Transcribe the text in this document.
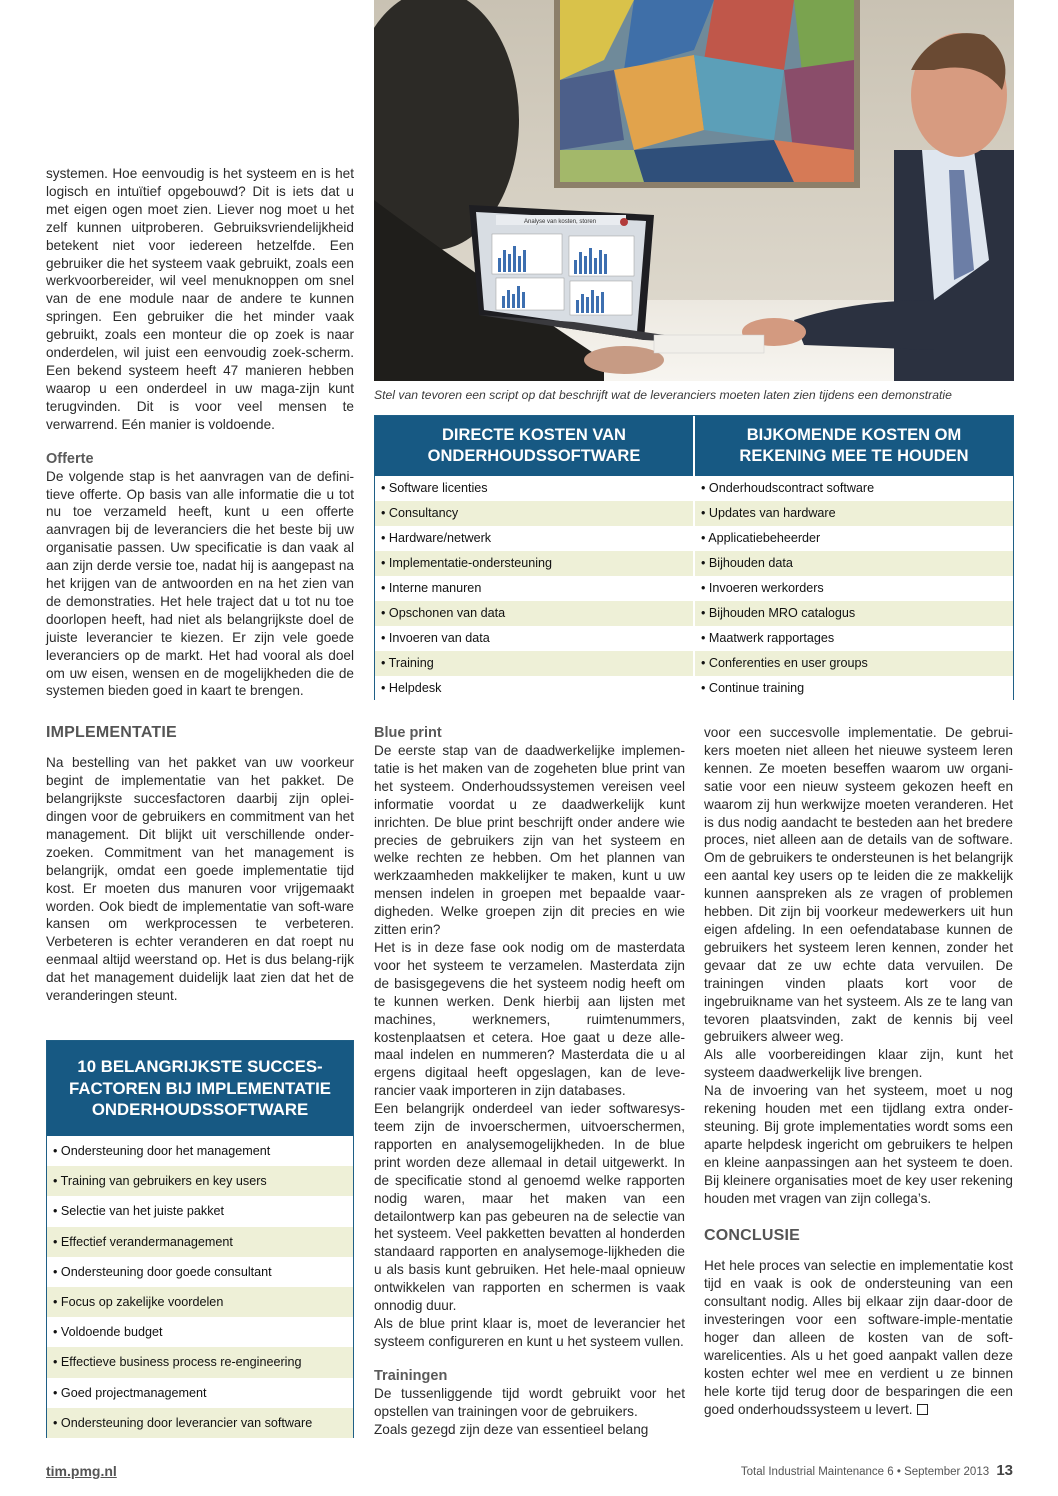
systemen. Hoe eenvoudig is het systeem en is het logisch en intuïtief opgebouwd? Dit is iets dat u met eigen ogen moet zien. Liever nog moet u het zelf kunnen uitproberen. Gebruiksvriendelijkheid betekent niet voor iedereen hetzelfde. Een gebruiker die het systeem vaak gebruikt, zoals een werkvoorbereider, wil veel menuknoppen om snel van de ene module naar de andere te kunnen springen. Een gebruiker die het minder vaak gebruikt, zoals een monteur die op zoek is naar onderdelen, wil juist een eenvoudig zoek-scherm. Een bekend systeem heeft 47 manieren hebben waarop u een onderdeel in uw maga-zijn kunt terugvinden. Dit is voor veel mensen te verwarrend. Eén manier is voldoende.

Offerte

De volgende stap is het aanvragen van de defini-tieve offerte. Op basis van alle informatie die u tot nu toe verzameld heeft, kunt u een offerte aanvragen bij de leveranciers die het beste bij uw organisatie passen. Uw specificatie is dan vaak al aan zijn derde versie toe, nadat hij is aangepast na het krijgen van de antwoorden en na het zien van de demonstraties. Het hele traject dat u tot nu toe doorlopen heeft, had niet als belangrijkste doel de juiste leverancier te kiezen. Er zijn vele goede leveranciers op de markt. Het had vooral als doel om uw eisen, wensen en de mogelijkheden die de systemen bieden goed in kaart te brengen.

IMPLEMENTATIE

Na bestelling van het pakket van uw voorkeur begint de implementatie van het pakket. De belangrijkste succesfactoren daarbij zijn oplei-dingen voor de gebruikers en commitment van het management. Dit blijkt uit verschillende onder-zoeken. Commitment van het management is belangrijk, omdat een goede implementatie tijd kost. Er moeten dus manuren voor vrijgemaakt worden. Ook biedt de implementatie van soft-ware kansen om werkprocessen te verbeteren. Verbeteren is echter veranderen en dat roept nu eenmaal altijd weerstand op. Het is dus belang-rijk dat het management duidelijk laat zien dat het de veranderingen steunt.

10 BELANGRIJKSTE SUCCES-FACTOREN BIJ IMPLEMENTATIE ONDERHOUDSSOFTWARE
• Ondersteuning door het management
• Training van gebruikers en key users
• Selectie van het juiste pakket
• Effectief verandermanagement
• Ondersteuning door goede consultant
• Focus op zakelijke voordelen
• Voldoende budget
• Effectieve business process re-engineering
• Goed projectmanagement
• Ondersteuning door leverancier van software
Analyse van kosten, storen
Stel van tevoren een script op dat beschrijft wat de leveranciers moeten laten zien tijdens een demonstratie
DIRECTE KOSTEN VAN ONDERHOUDSSOFTWARE
BIJKOMENDE KOSTEN OM REKENING MEE TE HOUDEN
• Software licenties
• Consultancy
• Hardware/netwerk
• Implementatie-ondersteuning
• Interne manuren
• Opschonen van data
• Invoeren van data
• Training
• Helpdesk
• Onderhoudscontract software
• Updates van hardware
• Applicatiebeheerder
• Bijhouden data
• Invoeren werkorders
• Bijhouden MRO catalogus
• Maatwerk rapportages
• Conferenties en user groups
• Continue training

Blue print

De eerste stap van de daadwerkelijke implemen-tatie is het maken van de zogeheten blue print van het systeem. Onderhoudssystemen vereisen veel informatie voordat u ze daadwerkelijk kunt inrichten. De blue print beschrijft onder andere wie precies de gebruikers zijn van het systeem en welke rechten ze hebben. Om het plannen van werkzaamheden makkelijker te maken, kunt u uw mensen indelen in groepen met bepaalde vaar-digheden. Welke groepen zijn dit precies en wie zitten erin?

Het is in deze fase ook nodig om de masterdata voor het systeem te verzamelen. Masterdata zijn de basisgegevens die het systeem nodig heeft om te kunnen werken. Denk hierbij aan lijsten met machines, werknemers, ruimtenummers, kostenplaatsen et cetera. Hoe gaat u deze alle-maal indelen en nummeren? Masterdata die u al ergens digitaal heeft opgeslagen, kan de leve-rancier vaak importeren in zijn databases.

Een belangrijk onderdeel van ieder softwaresys-teem zijn de invoerschermen, uitvoerschermen, rapporten en analysemogelijkheden. In de blue print worden deze allemaal in detail uitgewerkt. In de specificatie stond al genoemd welke rapporten nodig waren, maar het maken van een detailontwerp kan pas gebeuren na de selectie van het systeem. Veel pakketten bevatten al honderden standaard rapporten en analysemoge-lijkheden die u als basis kunt gebruiken. Het hele-maal opnieuw ontwikkelen van rapporten en schermen is vaak onnodig duur.

Als de blue print klaar is, moet de leverancier het systeem configureren en kunt u het systeem vullen.

Trainingen

De tussenliggende tijd wordt gebruikt voor het opstellen van trainingen voor de gebruikers.

Zoals gezegd zijn deze van essentieel belang

voor een succesvolle implementatie. De gebrui-kers moeten niet alleen het nieuwe systeem leren kennen. Ze moeten beseffen waarom uw organi-satie voor een nieuw systeem gekozen heeft en waarom zij hun werkwijze moeten veranderen. Het is dus nodig aandacht te besteden aan het bredere proces, niet alleen aan de details van de software. Om de gebruikers te ondersteunen is het belangrijk een aantal key users op te leiden die ze makkelijk kunnen aanspreken als ze vragen of problemen hebben. Dit zijn bij voorkeur medewerkers uit hun eigen afdeling. In een oefendatabase kunnen de gebruikers het systeem leren kennen, zonder het gevaar dat ze uw echte data vervuilen. De trainingen vinden plaats kort voor de ingebruikname van het systeem. Als ze te lang van tevoren plaatsvinden, zakt de kennis bij veel gebruikers alweer weg.

Als alle voorbereidingen klaar zijn, kunt het systeem daadwerkelijk live brengen.

Na de invoering van het systeem, moet u nog rekening houden met een tijdlang extra onder-steuning. Bij grote implementaties wordt soms een aparte helpdesk ingericht om gebruikers te helpen en kleine aanpassingen aan het systeem te doen. Bij kleinere organisaties moet de key user rekening houden met vragen van zijn collega’s.

CONCLUSIE

Het hele proces van selectie en implementatie kost tijd en vaak is ook de ondersteuning van een consultant nodig. Alles bij elkaar zijn daar-door de investeringen voor een software-imple-mentatie hoger dan alleen de kosten van de soft-warelicenties. Als u het goed aanpakt vallen deze kosten echter wel mee en verdient u ze binnen hele korte tijd terug door de besparingen die een goed onderhoudssysteem u levert.

tim.pmg.nl	Total Industrial Maintenance 6 • September 2013 13
